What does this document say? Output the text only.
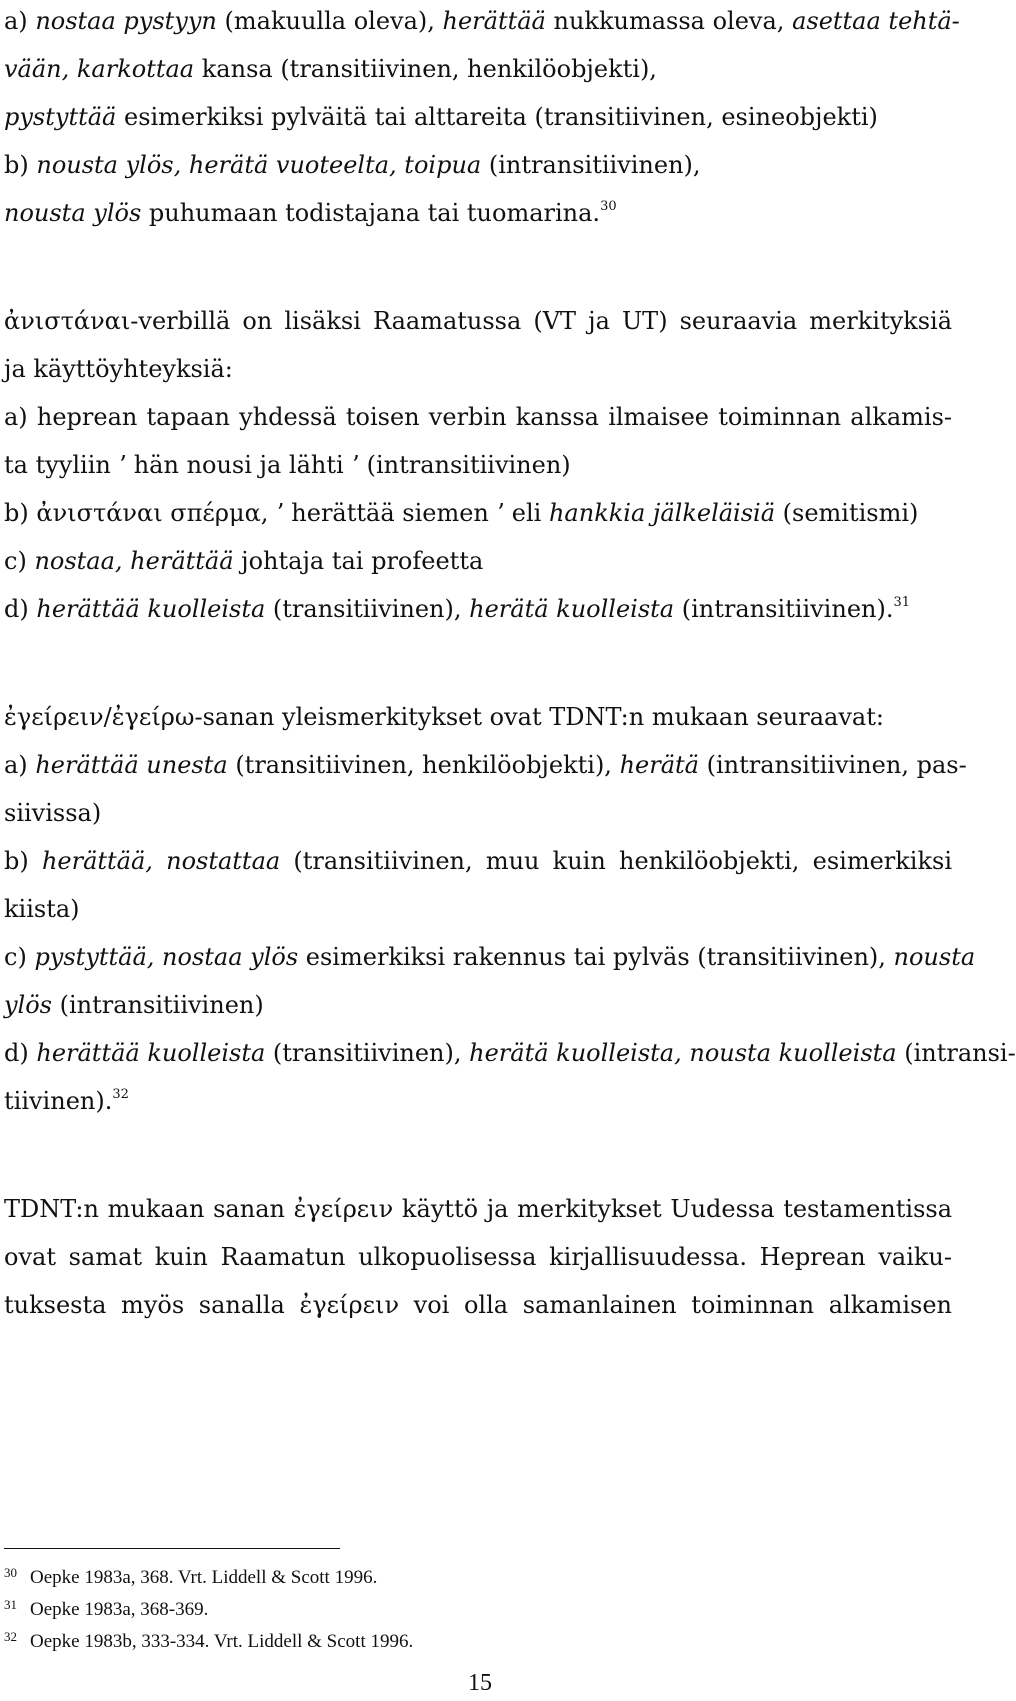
a) nostaa pystyyn (makuulla oleva), herättää nukkumassa oleva, asettaa tehtä-
vään, karkottaa kansa (transitiivinen, henkilöobjekti),
pystyttää esimerkiksi pylväitä tai alttareita (transitiivinen, esineobjekti)
b) nousta ylös, herätä vuoteelta, toipua (intransitiivinen),
nousta ylös puhumaan todistajana tai tuomarina.$^{30}$
ἀνιστάναι-verbillä on lisäksi Raamatussa (VT ja UT) seuraavia merkityksiä
ja käyttöyhteyksiä:
a) heprean tapaan yhdessä toisen verbin kanssa ilmaisee toiminnan alkamis-
ta tyyliin ʼ hän nousi ja lähti ʼ (intransitiivinen)
b) ἀνιστάναι σπέρμα, ʼ herättää siemen ʼ eli hankkia jälkeläisiä (semitismi)
c) nostaa, herättää johtaja tai profeetta
d) herättää kuolleista (transitiivinen), herätä kuolleista (intransitiivinen).$^{31}$
ἐγείρειν/ἐγείρω-sanan yleismerkitykset ovat TDNT:n mukaan seuraavat:
a) herättää unesta (transitiivinen, henkilöobjekti), herätä (intransitiivinen, pas-
siivissa)
b) herättää, nostattaa (transitiivinen, muu kuin henkilöobjekti, esimerkiksi
kiista)
c) pystyttää, nostaa ylös esimerkiksi rakennus tai pylväs (transitiivinen), nousta
ylös (intransitiivinen)
d) herättää kuolleista (transitiivinen), herätä kuolleista, nousta kuolleista (intransi-
tiivinen).$^{32}$
TDNT:n mukaan sanan ἐγείρειν käyttö ja merkitykset Uudessa testamentissa
ovat samat kuin Raamatun ulkopuolisessa kirjallisuudessa. Heprean vaiku-
tuksesta myös sanalla ἐγείρειν voi olla samanlainen toiminnan alkamisen
30 Oepke 1983a, 368. Vrt. Liddell & Scott 1996.
31 Oepke 1983a, 368-369.
32 Oepke 1983b, 333-334. Vrt. Liddell & Scott 1996.
15
